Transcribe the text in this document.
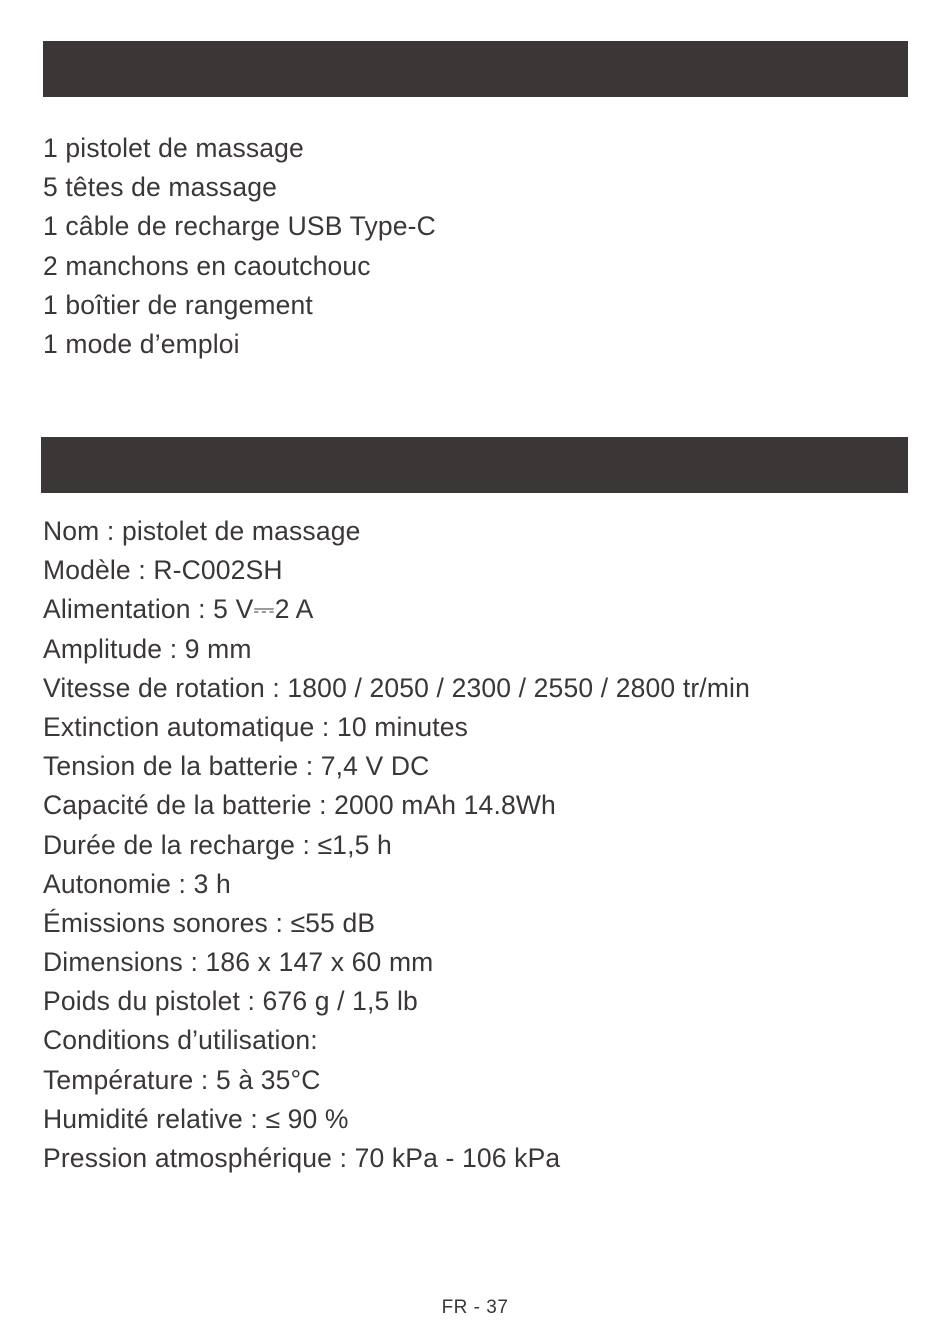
1 pistolet de massage
5 têtes de massage
1 câble de recharge USB Type-C
2 manchons en caoutchouc
1 boîtier de rangement
1 mode d’emploi
Nom : pistolet de massage
Modèle : R-C002SH
Alimentation : 5 V⎓2 A
Amplitude : 9 mm
Vitesse de rotation : 1800 / 2050 / 2300 / 2550 / 2800 tr/min
Extinction automatique : 10 minutes
Tension de la batterie : 7,4 V DC
Capacité de la batterie : 2000 mAh 14.8Wh
Durée de la recharge : ≤1,5 h
Autonomie : 3 h
Émissions sonores : ≤55 dB
Dimensions : 186 x 147 x 60 mm
Poids du pistolet : 676 g / 1,5 lb
Conditions d’utilisation:
Température : 5 à 35°C
Humidité relative : ≤ 90 %
Pression atmosphérique : 70 kPa - 106 kPa
FR - 37
